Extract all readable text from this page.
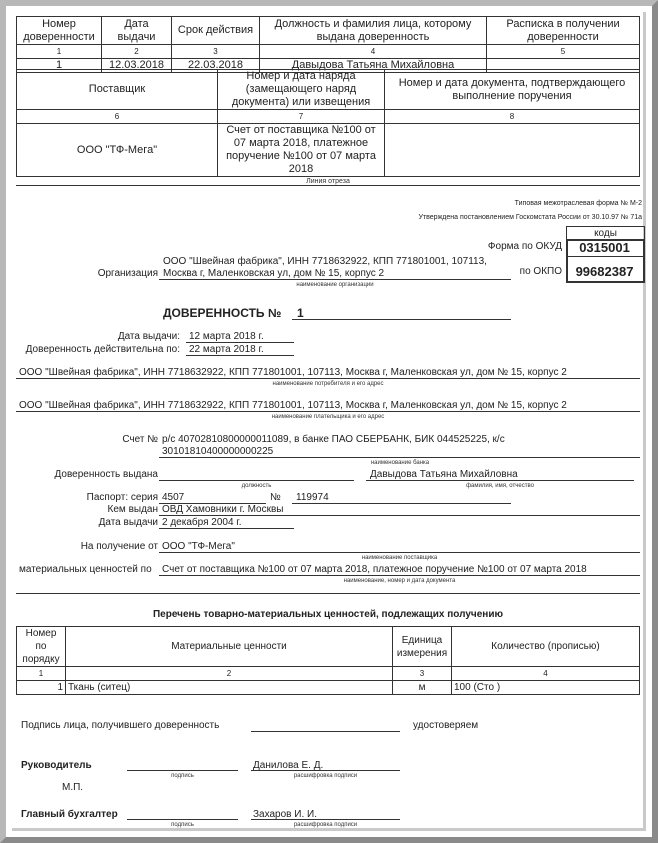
Номер доверенности	Дата выдачи	Срок действия	Должность и фамилия лица, которому выдана доверенность	Расписка в получении доверенности
1	2	3	4	5
1	12.03.2018	22.03.2018	Давыдова Татьяна Михайловна	
Поставщик	Номер и дата наряда (замещающего наряд документа) или извещения	Номер и дата документа, подтверждающего выполнение поручения
6	7	8
ООО "ТФ-Мега"	Счет от поставщика №100 от 07 марта 2018, платежное поручение №100 от 07 марта 2018	
Линия отреза
Типовая межотраслевая форма № М-2
Утверждена постановлением Госкомстата России от 30.10.97 № 71а
коды
0315001
99682387
Форма по ОКУД
по ОКПО
Организация
ООО "Швейная фабрика", ИНН 7718632922, КПП 771801001, 107113,
Москва г, Маленковская ул, дом № 15, корпус 2
наименование организации
ДОВЕРЕННОСТЬ № 1
Дата выдачи: 12 марта 2018 г.
Доверенность действительна по: 22 марта 2018 г.
ООО "Швейная фабрика", ИНН 7718632922, КПП 771801001, 107113, Москва г, Маленковская ул, дом № 15, корпус 2
наименование потребителя и его адрес
ООО "Швейная фабрика", ИНН 7718632922, КПП 771801001, 107113, Москва г, Маленковская ул, дом № 15, корпус 2
наименование плательщика и его адрес
Счет № р/с 40702810800000011089, в банке ПАО СБЕРБАНК, БИК 044525225, к/с
30101810400000000225
наименование банка
Доверенность выдана
должность
Давыдова Татьяна Михайловна
фамилия, имя, отчество
Паспорт: серия 4507	№ 119974
Кем выдан ОВД Хамовники г. Москвы
Дата выдачи 2 декабря 2004 г.
На получение от ООО "ТФ-Мега"
наименование поставщика
материальных ценностей по	Счет от поставщика №100 от 07 марта 2018, платежное поручение №100 от 07 марта 2018
наименование, номер и дата документа
Перечень товарно-материальных ценностей, подлежащих получению
Номер по порядку	Материальные ценности	Единица измерения	Количество (прописью)
1	2	3	4
1	Ткань (ситец)	м	100 (Сто )
Подпись лица, получившего доверенность	удостоверяем
Руководитель
подпись
Данилова Е. Д.
расшифровка подписи
М.П.
Главный бухгалтер
подпись
Захаров И. И.
расшифровка подписи
